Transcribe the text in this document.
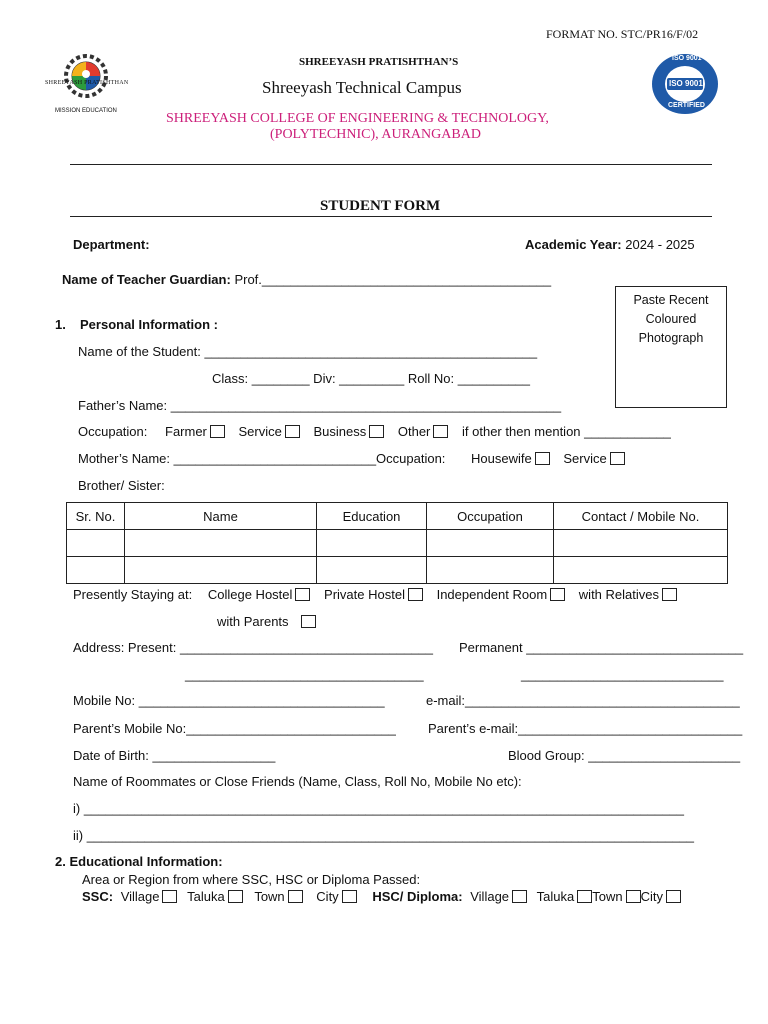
FORMAT NO. STC/PR16/F/02
SHREEYASH PRATISHTHAN
MISSION EDUCATION
SHREEYASH PRATISHTHAN’S
Shreeyash Technical Campus
SHREEYASH COLLEGE OF ENGINEERING & TECHNOLOGY,
(POLYTECHNIC), AURANGABAD
ISO 9001
ISO 9001
CERTIFIED
STUDENT FORM
Department:	Academic Year: 2024 - 2025
Name of Teacher Guardian: Prof.________________________________________
Paste Recent
Coloured
Photograph
1. Personal Information :
Name of the Student: ______________________________________________
Class: ________ Div: _________ Roll No: __________
Father’s Name: ______________________________________________________
Occupation: Farmer Service Business Other if other then mention ____________
Mother’s Name: ____________________________Occupation: Housewife Service
Brother/ Sister:
Sr. No.	Name	Education	Occupation	Contact / Mobile No.

Presently Staying at: College Hostel Private Hostel Independent Room with Relatives
with Parents
Address: Present: ___________________________________ Permanent ______________________________
_________________________________	____________________________
Mobile No: __________________________________	e-mail:______________________________________
Parent’s Mobile No:_____________________________ Parent’s e-mail:_______________________________
Date of Birth: _________________	Blood Group: _____________________
Name of Roommates or Close Friends (Name, Class, Roll No, Mobile No etc):
i) ___________________________________________________________________________________
ii) ____________________________________________________________________________________
2. Educational Information:
Area or Region from where SSC, HSC or Diploma Passed:
SSC: Village Taluka Town City	HSC/ Diploma: Village Taluka Town City
